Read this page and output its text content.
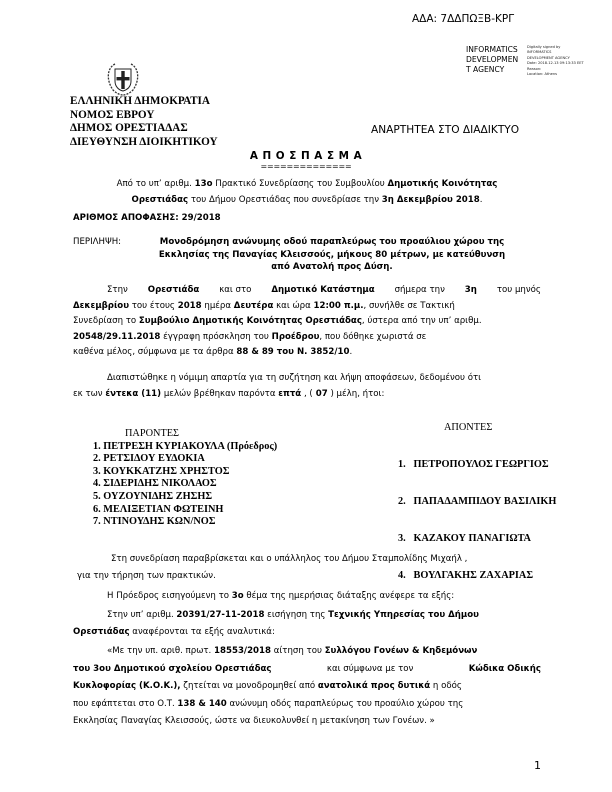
ΑΔΑ: 7ΔΔΠΩΞΒ-ΚΡΓ
INFORMATICS
DEVELOPMEN
T AGENCY
Digitally signed by
INFORMATICS
DEVELOPMENT AGENCY
Date: 2018.12.13 09:13:33 EET
Reason:
Location: Athens
ΕΛΛΗΝΙΚΗ ΔΗΜΟΚΡΑΤΙΑ
ΝΟΜΟΣ ΕΒΡΟΥ
ΔΗΜΟΣ ΟΡΕΣΤΙΑΔΑΣ
ΔΙΕΥΘΥΝΣΗ ΔΙΟΙΚΗΤΙΚΟΥ
ΑΝΑΡΤΗΤΕΑ ΣΤΟ ΔΙΑΔΙΚΤΥΟ
Α Π Ο Σ Π Α Σ Μ Α
==============
Από το υπ’ αριθμ. 13ο Πρακτικό Συνεδρίασης του Συμβουλίου Δημοτικής Κοινότητας
Ορεστιάδας του Δήμου Ορεστιάδας που συνεδρίασε την 3η Δεκεμβρίου 2018.
ΑΡΙΘΜΟΣ ΑΠΟΦΑΣΗΣ: 29/2018
ΠΕΡΙΛΗΨΗ:	Μονοδρόμηση ανώνυμης οδού παραπλεύρως του προαύλιου χώρου της
Εκκλησίας της Παναγίας Κλεισσούς, μήκους 80 μέτρων, με κατεύθυνση
από Ανατολή προς Δύση.
Στην Ορεστιάδα και στο Δημοτικό Κατάστημα σήμερα την 3η του μηνός
Δεκεμβρίου του έτους 2018 ημέρα Δευτέρα και ώρα 12:00 π.μ., συνήλθε σε Τακτική
Συνεδρίαση το Συμβούλιο Δημοτικής Κοινότητας Ορεστιάδας, ύστερα από την υπ’ αριθμ.
20548/29.11.2018 έγγραφη πρόσκληση του Προέδρου, που δόθηκε χωριστά σε
καθένα μέλος, σύμφωνα με τα άρθρα 88 & 89 του Ν. 3852/10.
Διαπιστώθηκε η νόμιμη απαρτία για τη συζήτηση και λήψη αποφάσεων, δεδομένου ότι
εκ των έντεκα (11) μελών βρέθηκαν παρόντα επτά , ( 07 ) μέλη, ήτοι:
ΠΑΡΟΝΤΕΣ
1. ΠΕΤΡΕΣΗ ΚΥΡΙΑΚΟΥΛΑ (Πρόεδρος)
2. ΡΕΤΣΙΔΟΥ ΕΥΔΟΚΙΑ
3. ΚΟΥΚΚΑΤΖΗΣ ΧΡΗΣΤΟΣ
4. ΣΙΔΕΡΙΔΗΣ ΝΙΚΟΛΑΟΣ
5. ΟΥΖΟΥΝΙΔΗΣ ΖΗΣΗΣ
6. ΜΕΛΙΞΕΤΙΑΝ ΦΩΤΕΙΝΗ
7. ΝΤΙΝΟΥΔΗΣ ΚΩΝ/ΝΟΣ
ΑΠΟΝΤΕΣ

1.   ΠΕΤΡΟΠΟΥΛΟΣ ΓΕΩΡΓΙΟΣ

2.   ΠΑΠΑΔΑΜΠΙΔΟΥ ΒΑΣΙΛΙΚΗ

3.   ΚΑΖΑΚΟΥ ΠΑΝΑΓΙΩΤΑ

4.   ΒΟΥΛΓΑΚΗΣ ΖΑΧΑΡΙΑΣ

Στη συνεδρίαση παραβρίσκεται και ο υπάλληλος του Δήμου Σταμπολίδης Μιχαήλ ,
για την τήρηση των πρακτικών.
Η Πρόεδρος εισηγούμενη το 3ο θέμα της ημερήσιας διάταξης ανέφερε τα εξής:
Στην υπ’ αριθμ. 20391/27-11-2018 εισήγηση της Τεχνικής Υπηρεσίας του Δήμου
Ορεστιάδας αναφέρονται τα εξής αναλυτικά:
«Με την υπ. αριθ. πρωτ. 18553/2018 αίτηση του Συλλόγου Γονέων & Κηδεμόνων
του 3ου Δημοτικού σχολείου Ορεστιάδας	και σύμφωνα με τον	Κώδικα Οδικής
Κυκλοφορίας (Κ.Ο.Κ.), ζητείται να μονοδρομηθεί από ανατολικά προς δυτικά η οδός
που εφάπτεται στο Ο.Τ. 138 & 140 ανώνυμη οδός παραπλεύρως του προαύλιο χώρου της
Εκκλησίας Παναγίας Κλεισσούς, ώστε να διευκολυνθεί η μετακίνηση των Γονέων. »
1
